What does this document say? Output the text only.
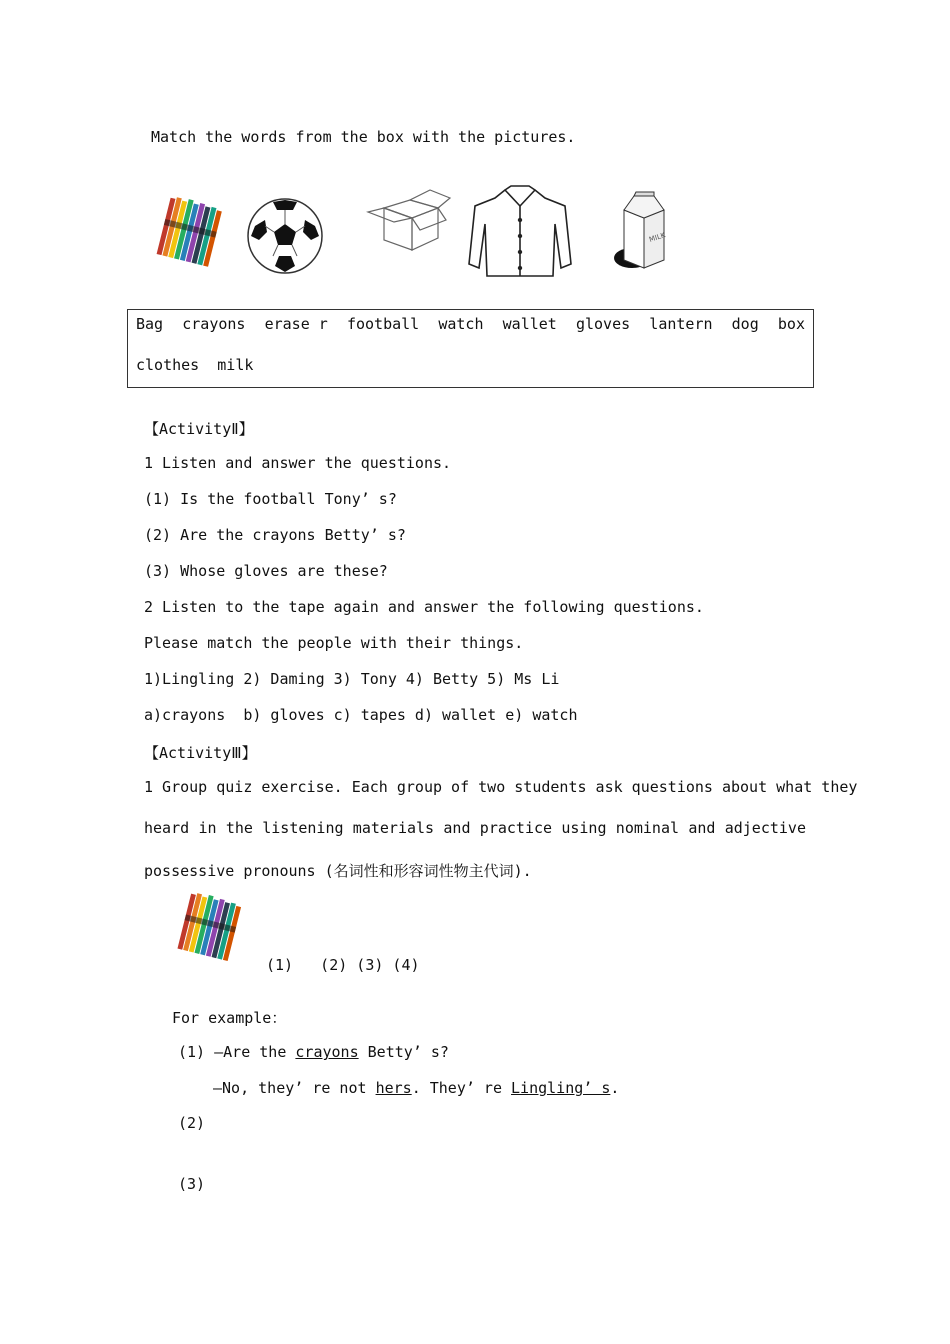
Match the words from the box with the pictures.
MILK
Bag crayons erase r football watch wallet gloves lantern dog box
clothes  milk
【ActivityⅡ】
1 Listen and answer the questions.
(1) Is the football Tony’ s?
(2) Are the crayons Betty’ s?
(3) Whose gloves are these?
2 Listen to the tape again and answer the following questions.
Please match the people with their things.
1)Lingling 2) Daming 3) Tony 4) Betty 5) Ms Li
a)crayons  b) gloves c) tapes d) wallet e) watch
【ActivityⅢ】
1 Group quiz exercise. Each group of two students ask questions about what they
heard in the listening materials and practice using nominal and adjective
possessive pronouns (名词性和形容词性物主代词).
(1)   (2) (3) (4)
For example：
(1) —Are the crayons Betty’ s?
—No, they’ re not hers. They’ re Lingling’ s.
(2)
(3)
